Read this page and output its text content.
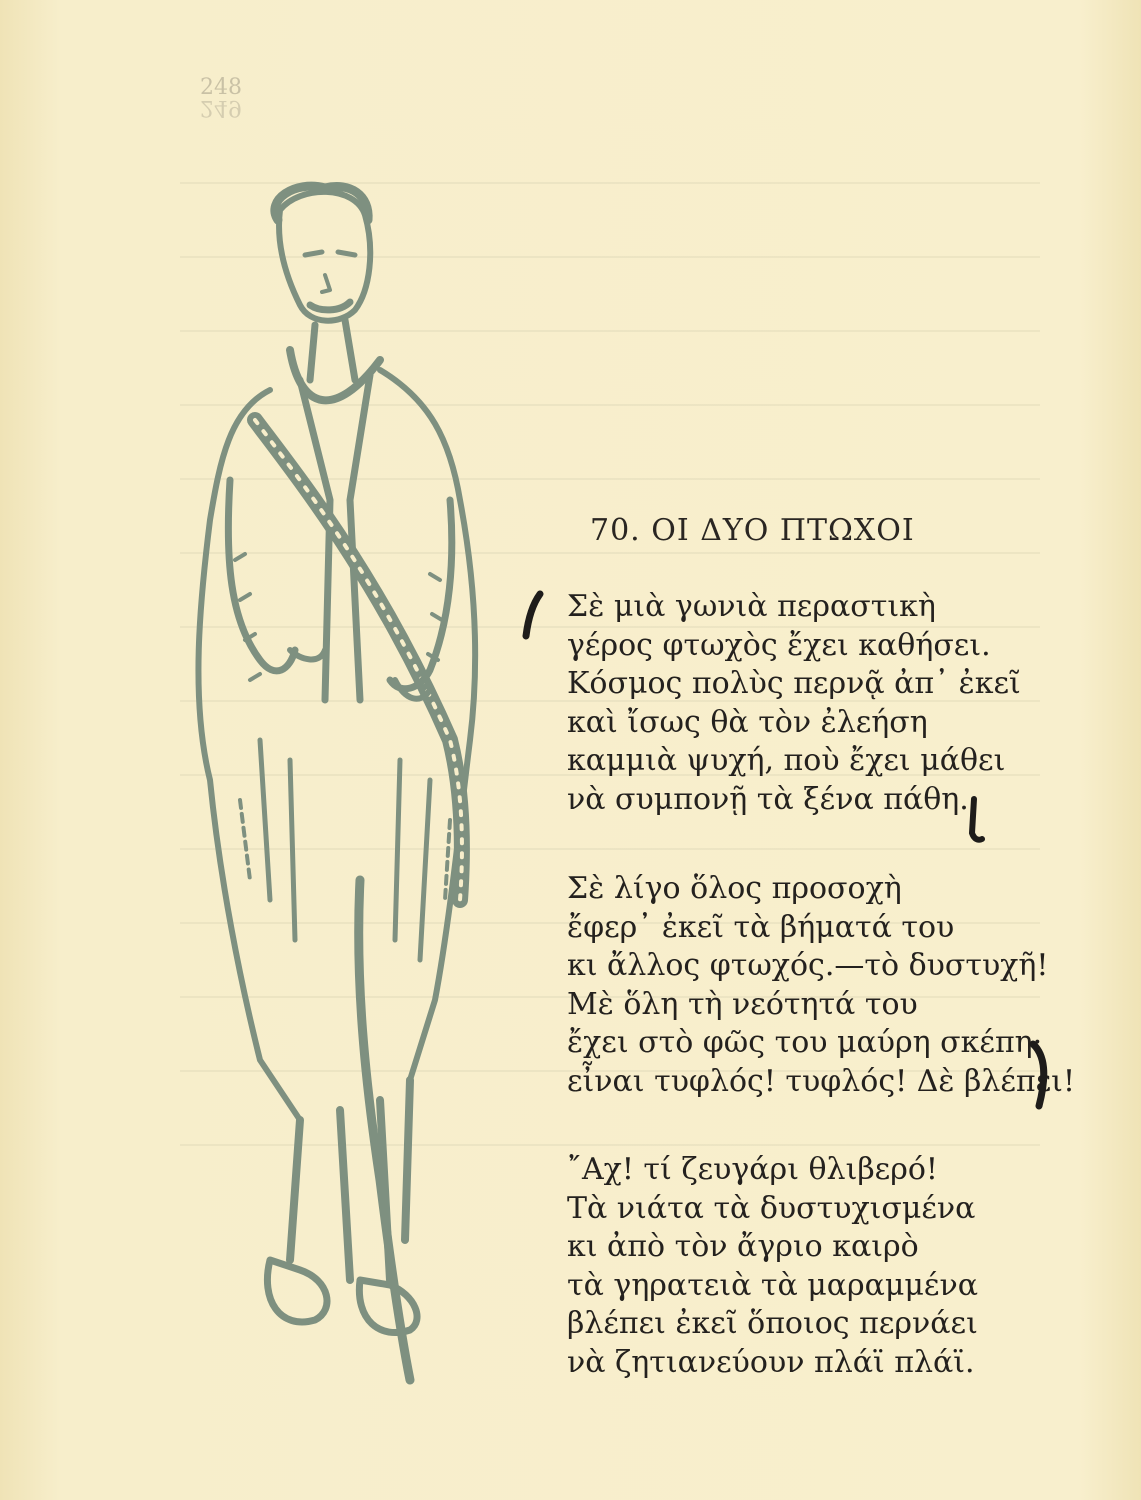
248
249
70. ΟΙ ΔΥΟ ΠΤΩΧΟΙ
Σὲ μιὰ γωνιὰ περαστικὴ
γέρος φτωχὸς ἔχει καθήσει.
Κόσμος πολὺς περνᾷ ἀπ᾽ ἐκεῖ
καὶ ἴσως θὰ τὸν ἐλεήση
καμμιὰ ψυχή, ποὺ ἔχει μάθει
νὰ συμπονῇ τὰ ξένα πάθη.
Σὲ λίγο ὅλος προσοχὴ
ἔφερ᾽ ἐκεῖ τὰ βήματά του
κι ἄλλος φτωχός.—τὸ δυστυχῆ!
Μὲ ὅλη τὴ νεότητά του
ἔχει στὸ φῶς του μαύρη σκέπη·
εἶναι τυφλός! τυφλός! Δὲ βλέπει!
῎Αχ! τί ζευγάρι θλιβερό!
Τὰ νιάτα τὰ δυστυχισμένα
κι ἀπὸ τὸν ἄγριο καιρὸ
τὰ γηρατειὰ τὰ μαραμμένα
βλέπει ἐκεῖ ὅποιος περνάει
νὰ ζητιανεύουν πλάϊ πλάϊ.
